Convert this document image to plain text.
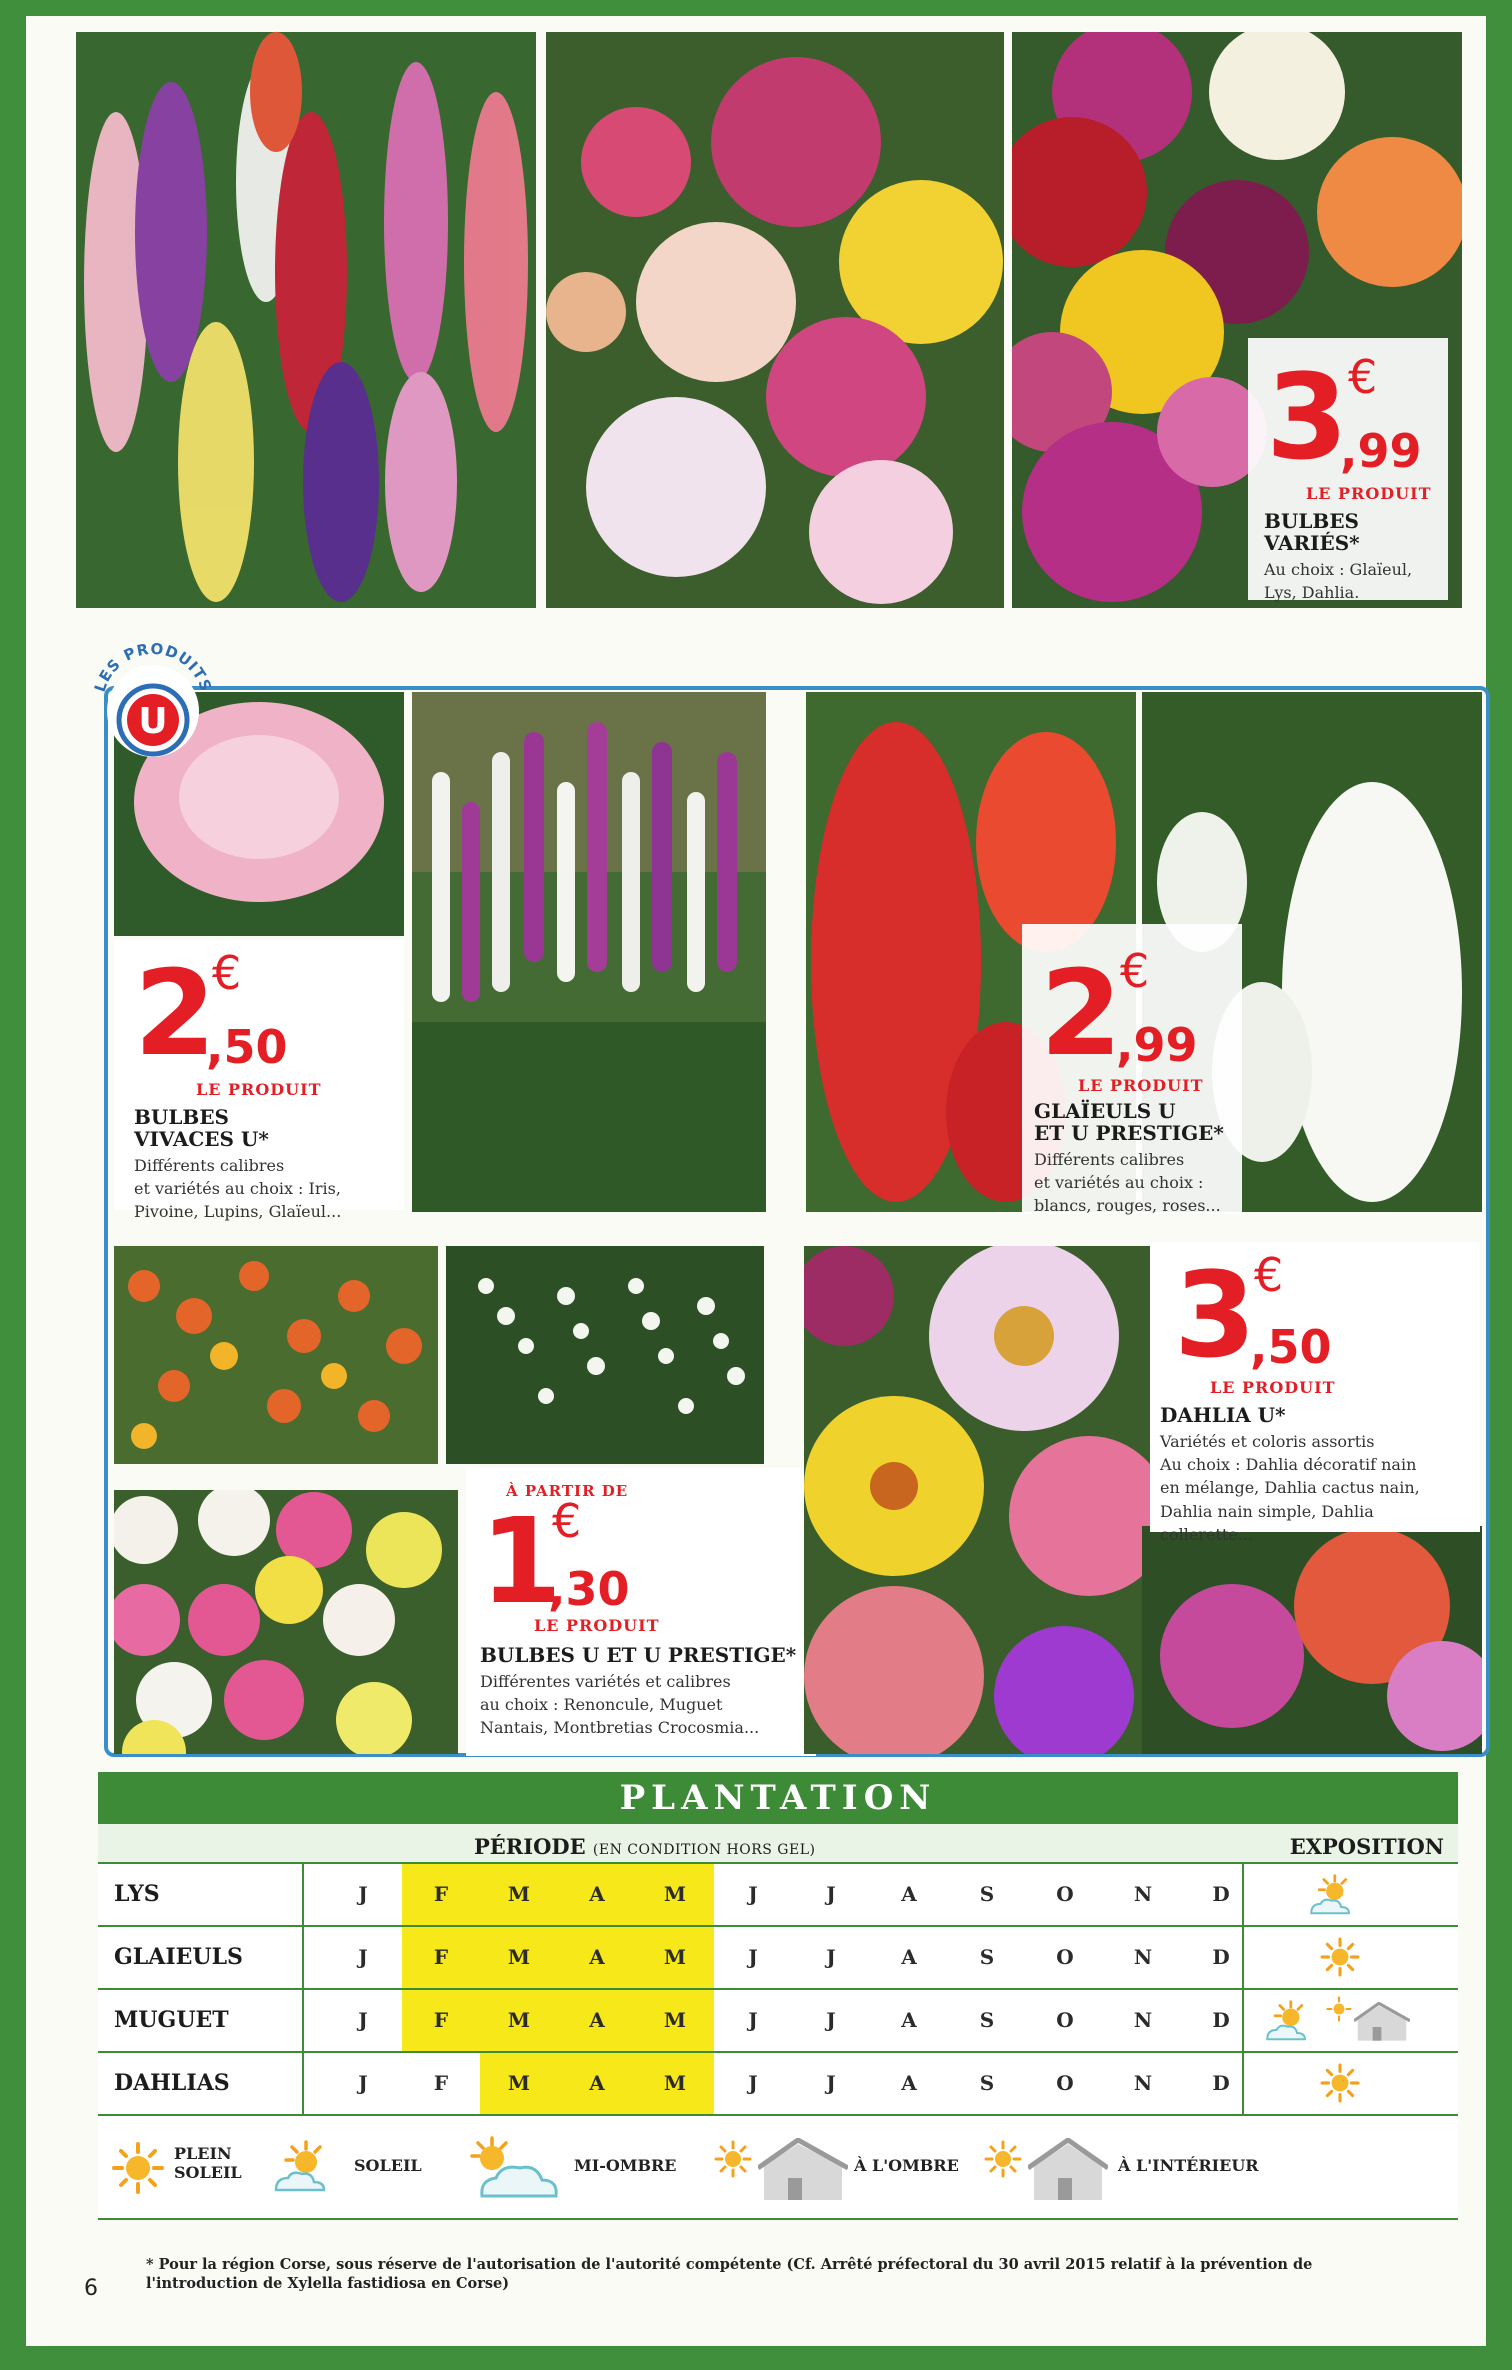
3 €
,99
LE PRODUIT
BULBES
VARIÉS*
Au choix : Glaïeul,
Lys, Dahlia.
2 €
,50
LE PRODUIT
BULBES
VIVACES U*
Différents calibres
et variétés au choix : Iris,
Pivoine, Lupins, Glaïeul...
2 €
,99
LE PRODUIT
GLAÏEULS U
ET U PRESTIGE*
Différents calibres
et variétés au choix :
blancs, rouges, roses...
À PARTIR DE
1
€
,30
LE PRODUIT
BULBES U ET U PRESTIGE*
Différentes variétés et calibres
au choix : Renoncule, Muguet
Nantais, Montbretias Crocosmia...
3 €
,50
LE PRODUIT
DAHLIA U*
Variétés et coloris assortis
Au choix : Dahlia décoratif nain
en mélange, Dahlia cactus nain,
Dahlia nain simple, Dahlia
collerette...
LES PRODUITS
U
PLANTATION
PÉRIODE (EN CONDITION HORS GEL)	EXPOSITION
LYS	J	F	M	A	M	J	J	A	S	O	N	D
GLAIEULS	J	F	M	A	M	J	J	A	S	O	N	D
MUGUET	J	F	M	A	M	J	J	A	S	O	N	D
DAHLIAS	J	F	M	A	M	J	J	A	S	O	N	D
PLEIN
SOLEIL	SOLEIL	MI-OMBRE	À L'OMBRE	À L'INTÉRIEUR
6
* Pour la région Corse, sous réserve de l'autorisation de l'autorité compétente (Cf. Arrêté préfectoral du 30 avril 2015 relatif à la prévention de l'introduction de Xylella fastidiosa en Corse)
